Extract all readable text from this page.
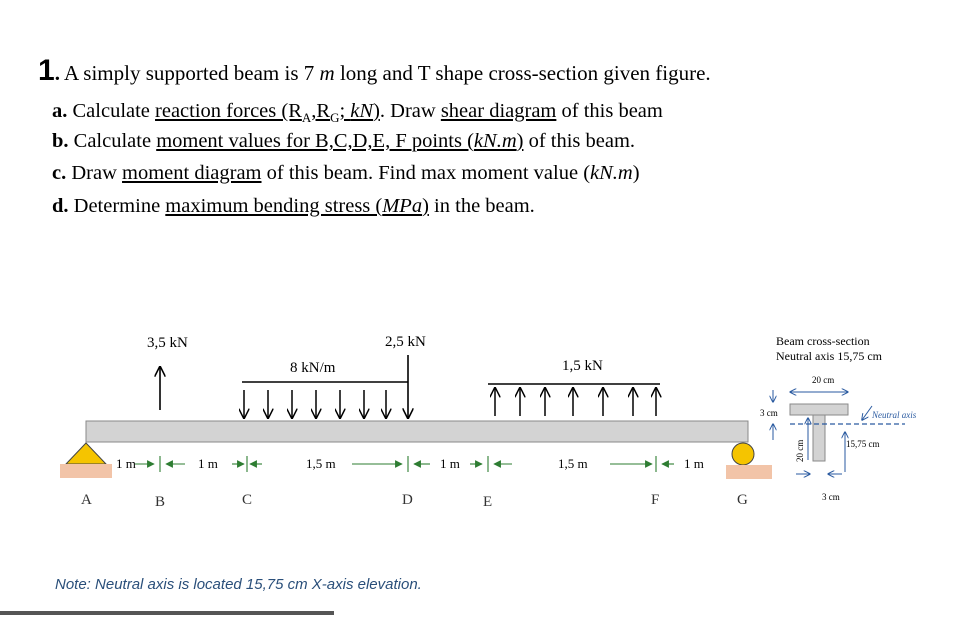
1. A simply supported beam is 7 m long and T shape cross-section given figure.
a. Calculate reaction forces ($R_A,R_G$; kN). Draw shear diagram of this beam
b. Calculate moment values for B,C,D,E, F points (kN.m) of this beam.
c. Draw moment diagram of this beam. Find max moment value (kN.m)
d. Determine maximum bending stress (MPa) in the beam.
3,5 kN
8 kN/m
2,5 kN
1,5 kN
1 m	1 m	1,5 m	1 m	1,5 m	1 m
A	B	C	D	E	F	G
Beam cross-section
Neutral axis 15,75 cm
20 cm
3 cm	Neutral axis
20 cm	15,75 cm
3 cm
Note: Neutral axis is located 15,75 cm X-axis elevation.
